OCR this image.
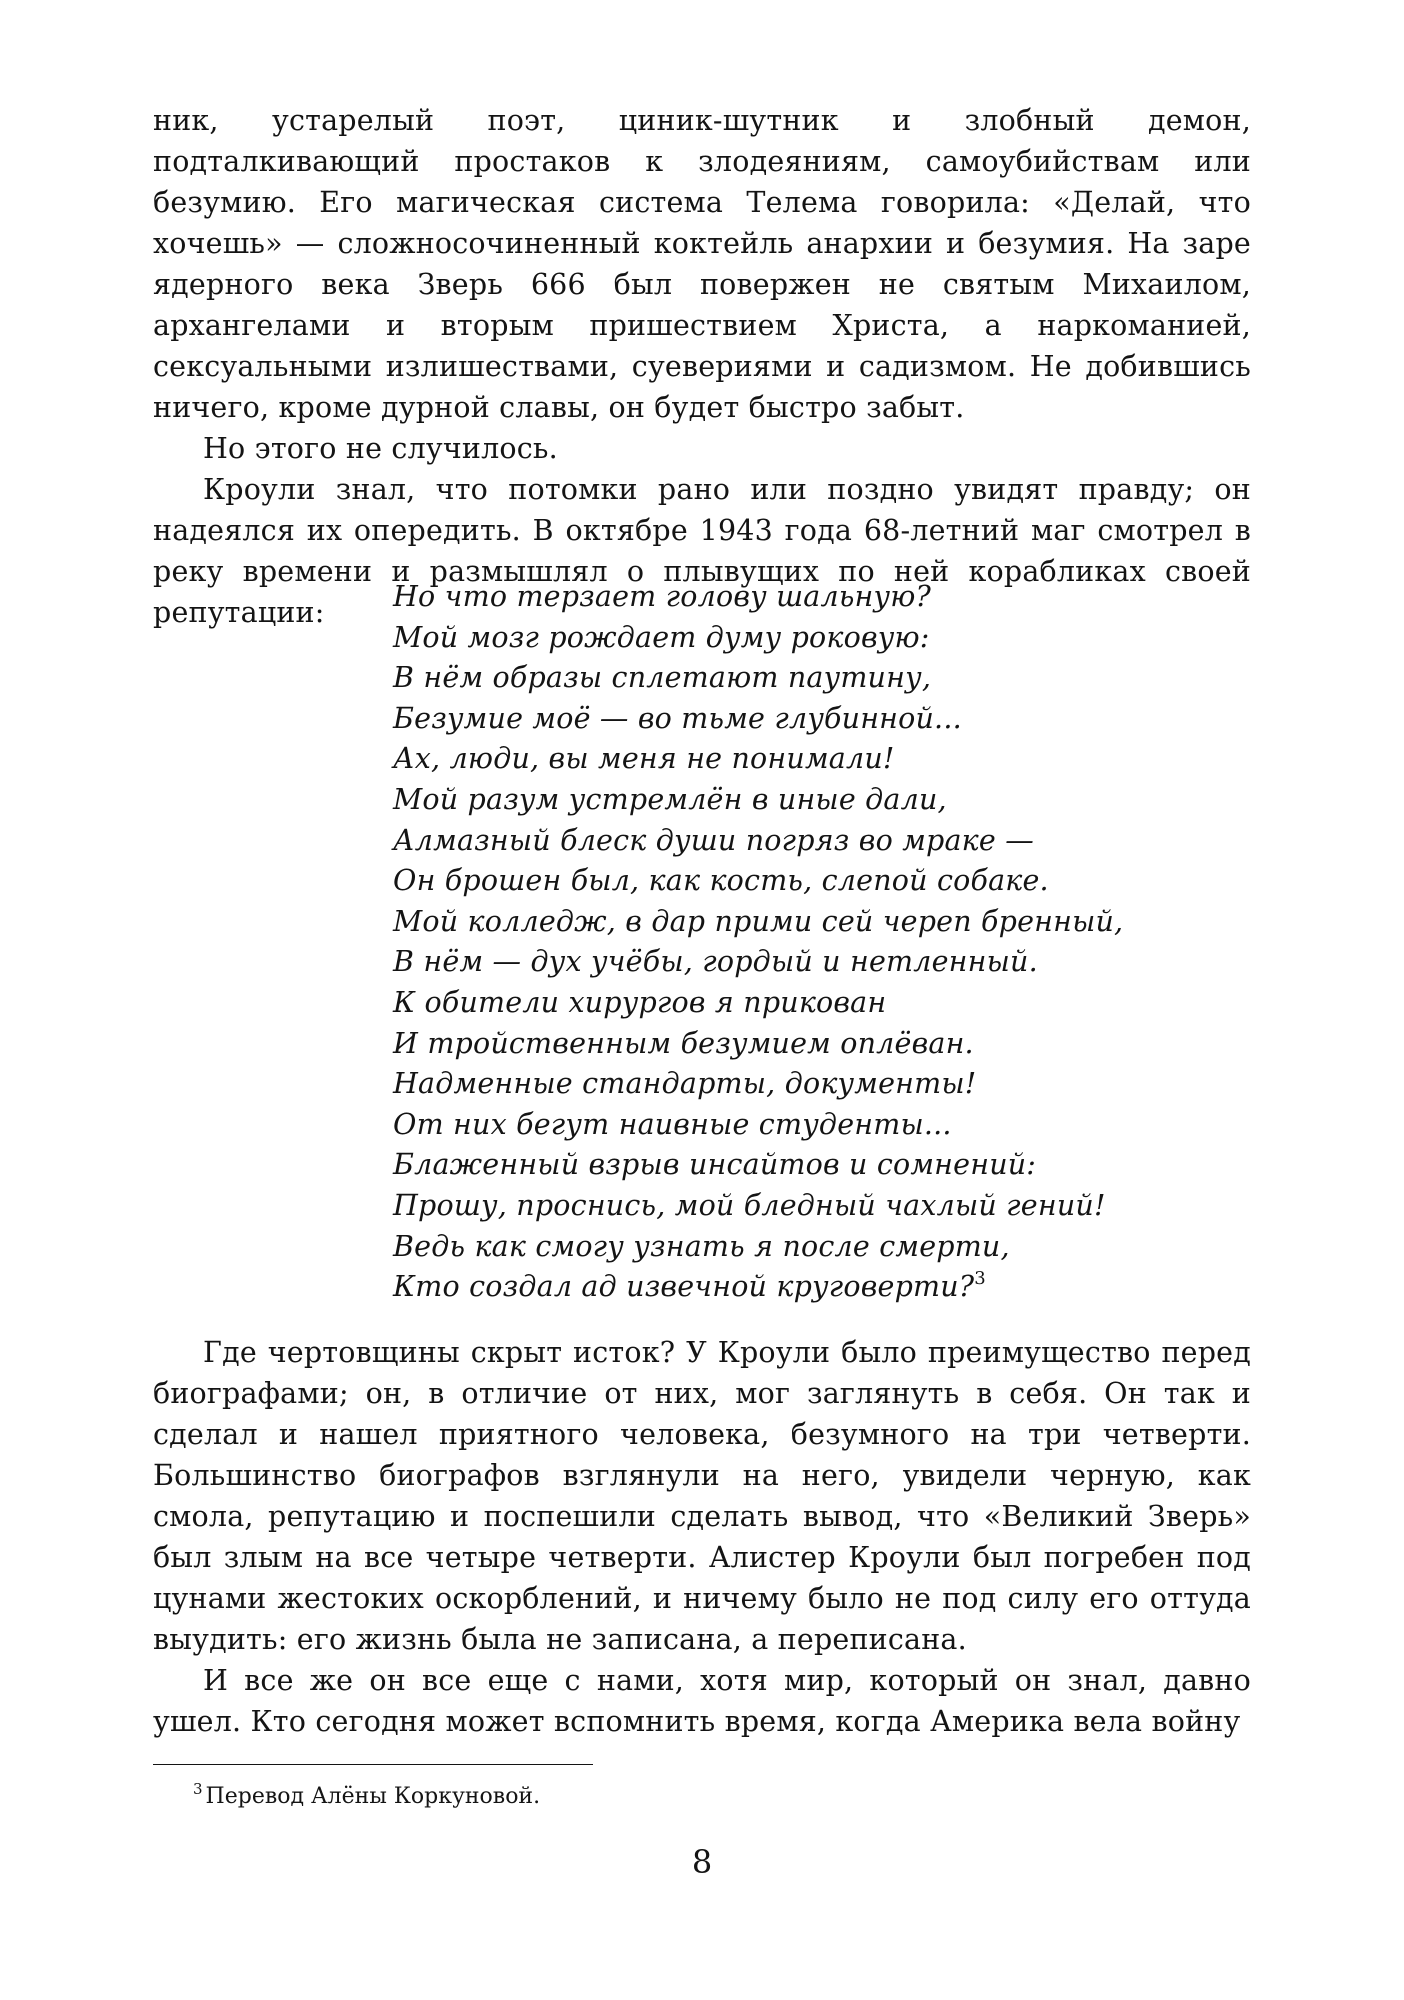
ник, устарелый поэт, циник-шутник и злобный демон, подталкивающий простаков к злодеяниям, самоубийствам или безумию. Его магическая система Телема говорила: «Делай, что хочешь» — сложносочиненный коктейль анархии и безумия. На заре ядерного века Зверь 666 был повержен не святым Михаилом, архангелами и вторым пришествием Христа, а наркоманией, сексуальными излишествами, суевериями и садизмом. Не добившись ничего, кроме дурной славы, он будет быстро забыт.

Но этого не случилось.

Кроули знал, что потомки рано или поздно увидят правду; он надеялся их опередить. В октябре 1943 года 68-летний маг смотрел в реку времени и размышлял о плывущих по ней корабликах своей репутации:	Но что терзает голову шальную?
Мой мозг рождает думу роковую:
В нём образы сплетают паутину,
Безумие моё — во тьме глубинной...
Ах, люди, вы меня не понимали!
Мой разум устремлён в иные дали,
Алмазный блеск души погряз во мраке —
Он брошен был, как кость, слепой собаке.
Мой колледж, в дар прими сей череп бренный,
В нём — дух учёбы, гордый и нетленный.
К обители хирургов я прикован
И тройственным безумием оплёван.
Надменные стандарты, документы!
От них бегут наивные студенты...
Блаженный взрыв инсайтов и сомнений:
Прошу, проснись, мой бледный чахлый гений!
Ведь как смогу узнать я после смерти,
Кто создал ад извечной круговерти?$^3$

Где чертовщины скрыт исток? У Кроули было преимущество перед биографами; он, в отличие от них, мог заглянуть в себя. Он так и сделал и нашел приятного человека, безумного на три четверти. Большинство биографов взглянули на него, увидели черную, как смола, репутацию и поспешили сделать вывод, что «Великий Зверь» был злым на все четыре четверти. Алистер Кроули был погребен под цунами жестоких оскорблений, и ничему было не под силу его оттуда выудить: его жизнь была не записана, а переписана.

И все же он все еще с нами, хотя мир, который он знал, давно ушел. Кто сегодня может вспомнить время, когда Америка вела войну

$^3$ Перевод Алёны Коркуновой.
8
